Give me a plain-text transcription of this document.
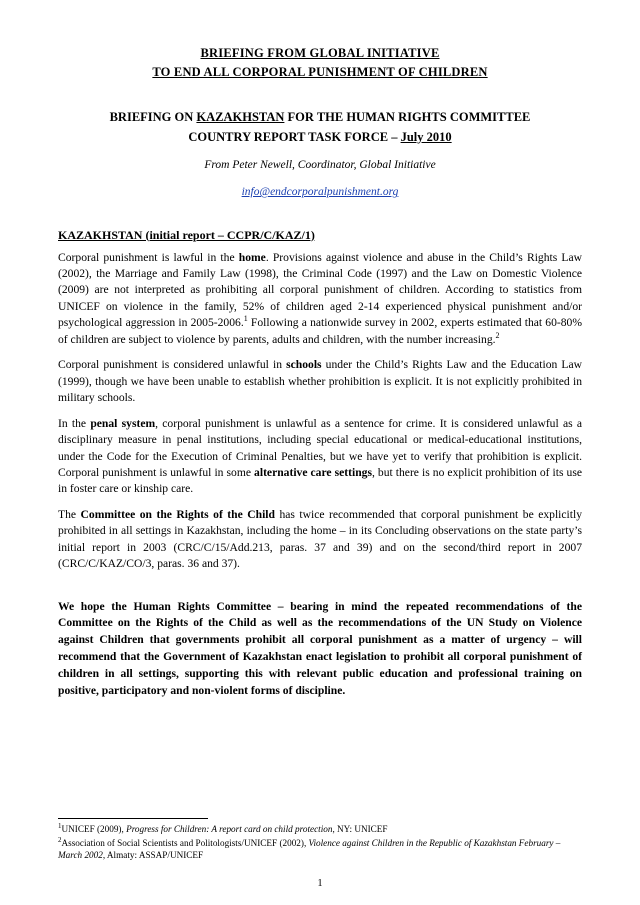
BRIEFING FROM GLOBAL INITIATIVE
TO END ALL CORPORAL PUNISHMENT OF CHILDREN
BRIEFING ON KAZAKHSTAN FOR THE HUMAN RIGHTS COMMITTEE
COUNTRY REPORT TASK FORCE – July 2010
From Peter Newell, Coordinator, Global Initiative
info@endcorporalpunishment.org
KAZAKHSTAN (initial report – CCPR/C/KAZ/1)

Corporal punishment is lawful in the home. Provisions against violence and abuse in the Child’s Rights Law (2002), the Marriage and Family Law (1998), the Criminal Code (1997) and the Law on Domestic Violence (2009) are not interpreted as prohibiting all corporal punishment of children. According to statistics from UNICEF on violence in the family, 52% of children aged 2-14 experienced physical punishment and/or psychological aggression in 2005-2006.$^1$ Following a nationwide survey in 2002, experts estimated that 60-80% of children are subject to violence by parents, adults and children, with the number increasing.$^2$

Corporal punishment is considered unlawful in schools under the Child’s Rights Law and the Education Law (1999), though we have been unable to establish whether prohibition is explicit. It is not explicitly prohibited in military schools.

In the penal system, corporal punishment is unlawful as a sentence for crime. It is considered unlawful as a disciplinary measure in penal institutions, including special educational or medical-educational institutions, under the Code for the Execution of Criminal Penalties, but we have yet to verify that prohibition is explicit. Corporal punishment is unlawful in some alternative care settings, but there is no explicit prohibition of its use in foster care or kinship care.

The Committee on the Rights of the Child has twice recommended that corporal punishment be explicitly prohibited in all settings in Kazakhstan, including the home – in its Concluding observations on the state party’s initial report in 2003 (CRC/C/15/Add.213, paras. 37 and 39) and on the second/third report in 2007 (CRC/C/KAZ/CO/3, paras. 36 and 37).

We hope the Human Rights Committee – bearing in mind the repeated recommendations of the Committee on the Rights of the Child as well as the recommendations of the UN Study on Violence against Children that governments prohibit all corporal punishment as a matter of urgency – will recommend that the Government of Kazakhstan enact legislation to prohibit all corporal punishment of children in all settings, supporting this with relevant public education and professional training on positive, participatory and non-violent forms of discipline.

$^1$UNICEF (2009), Progress for Children: A report card on child protection, NY: UNICEF

$^2$Association of Social Scientists and Politologists/UNICEF (2002), Violence against Children in the Republic of Kazakhstan February – March 2002, Almaty: ASSAP/UNICEF

1
